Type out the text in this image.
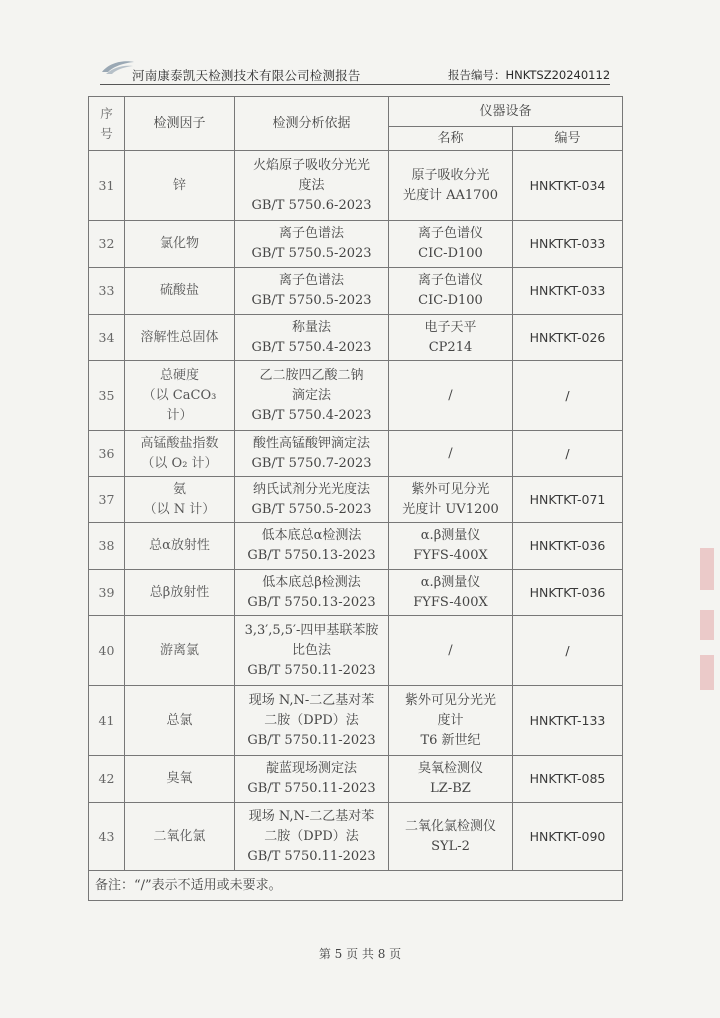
河南康泰凯天检测技术有限公司检测报告	报告编号：HNKTSZ20240112
序
号	检测因子	检测分析依据	仪器设备	
			名称	编号
31	锌	火焰原子吸收分光光
度法
GB/T 5750.6-2023	原子吸收分光
光度计 AA1700	HNKTKT-034
32	氯化物	离子色谱法
GB/T 5750.5-2023	离子色谱仪
CIC-D100	HNKTKT-033
33	硫酸盐	离子色谱法
GB/T 5750.5-2023	离子色谱仪
CIC-D100	HNKTKT-033
34	溶解性总固体	称量法
GB/T 5750.4-2023	电子天平
CP214	HNKTKT-026
35	总硬度
（以 CaCO₃
计）	乙二胺四乙酸二钠
滴定法
GB/T 5750.4-2023	/	/
36	高锰酸盐指数
（以 O₂ 计）	酸性高锰酸钾滴定法
GB/T 5750.7-2023	/	/
37	氨
（以 N 计）	纳氏试剂分光光度法
GB/T 5750.5-2023	紫外可见分光
光度计 UV1200	HNKTKT-071
38	总α放射性	低本底总α检测法
GB/T 5750.13-2023	α.β测量仪
FYFS-400X	HNKTKT-036
39	总β放射性	低本底总β检测法
GB/T 5750.13-2023	α.β测量仪
FYFS-400X	HNKTKT-036
40	游离氯	3,3′,5,5′-四甲基联苯胺
比色法
GB/T 5750.11-2023	/	/
41	总氯	现场 N,N-二乙基对苯
二胺（DPD）法
GB/T 5750.11-2023	紫外可见分光光
度计
T6 新世纪	HNKTKT-133
42	臭氧	靛蓝现场测定法
GB/T 5750.11-2023	臭氧检测仪
LZ-BZ	HNKTKT-085
43	二氧化氯	现场 N,N-二乙基对苯
二胺（DPD）法
GB/T 5750.11-2023	二氧化氯检测仪
SYL-2	HNKTKT-090
备注：“/”表示不适用或未要求。				
第 5 页 共 8 页
